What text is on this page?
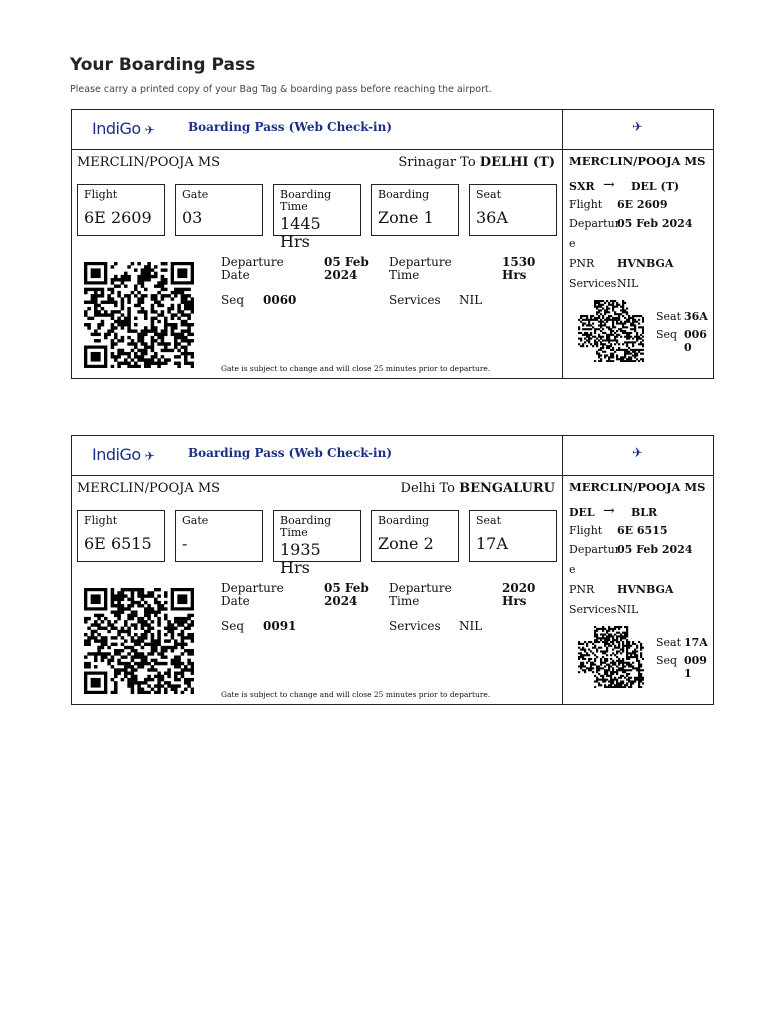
Your Boarding Pass
Please carry a printed copy of your Bag Tag & boarding pass before reaching the airport.
IndiGo ✈	Boarding Pass (Web Check-in)	✈
MERCLIN/POOJA MS	Srinagar To DELHI (T)
Flight
6E 2609
Gate
03
Boarding Time
1445 Hrs
Boarding
Zone 1
Seat
36A
Departure Date
05 Feb 2024
Departure Time
1530 Hrs
Seq 0060	Services NIL
Gate is subject to change and will close 25 minutes prior to departure.
MERCLIN/POOJA MS
SXR → DEL (T)
Flight 6E 2609
Departur
05 Feb 2024
e
PNR HVNBGA
Services NIL
Seat 36A
Seq 006
0
IndiGo ✈	Boarding Pass (Web Check-in)	✈
MERCLIN/POOJA MS	Delhi To BENGALURU
Flight
6E 6515
Gate
-
Boarding Time
1935 Hrs
Boarding
Zone 2
Seat
17A
Departure Date
05 Feb 2024
Departure Time
2020 Hrs
Seq 0091	Services NIL
Gate is subject to change and will close 25 minutes prior to departure.
MERCLIN/POOJA MS
DEL → BLR
Flight 6E 6515
Departur
05 Feb 2024
e
PNR HVNBGA
Services NIL
Seat 17A
Seq 009
1
